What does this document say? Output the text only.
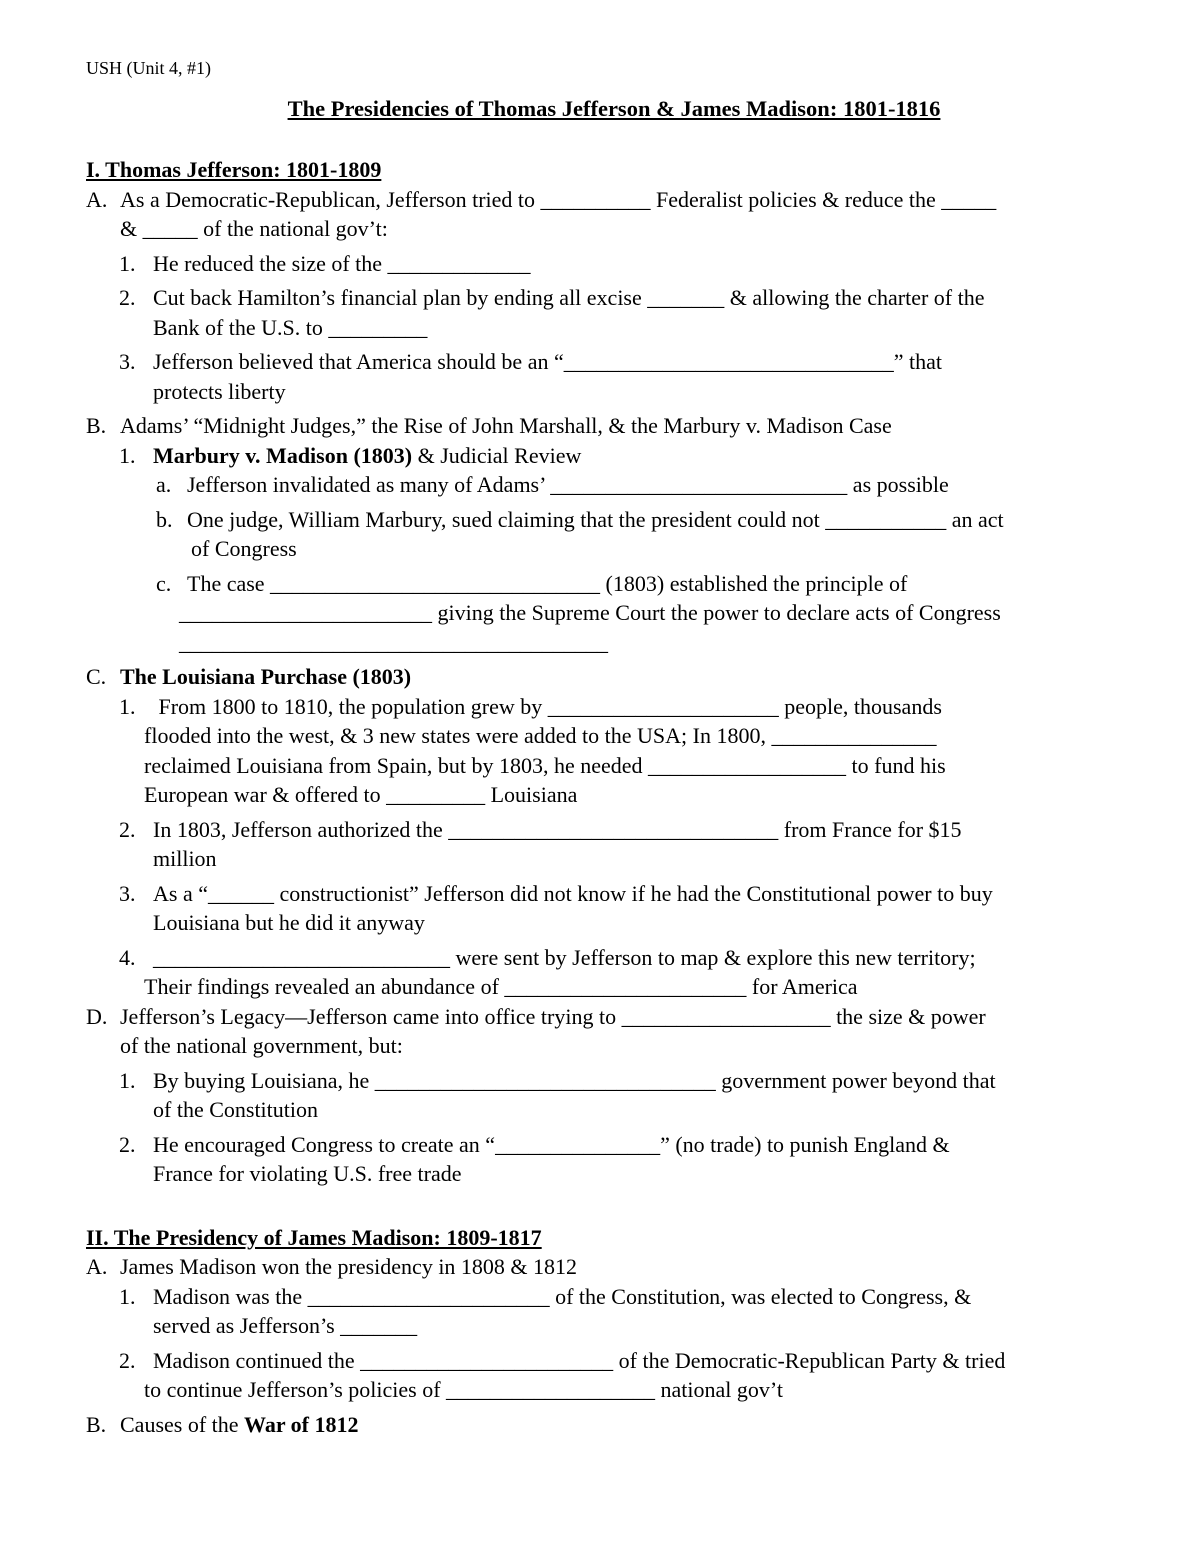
USH (Unit 4, #1)
The Presidencies of Thomas Jefferson & James Madison: 1801-1816
I. Thomas Jefferson: 1801-1809
A. As a Democratic-Republican, Jefferson tried to __________ Federalist policies & reduce the _____
& _____ of the national gov’t:
1. He reduced the size of the _____________
2. Cut back Hamilton’s financial plan by ending all excise _______ & allowing the charter of the
Bank of the U.S. to _________
3. Jefferson believed that America should be an “______________________________” that
protects liberty
B. Adams’ “Midnight Judges,” the Rise of John Marshall, & the Marbury v. Madison Case
1. Marbury v. Madison (1803) & Judicial Review
a. Jefferson invalidated as many of Adams’ ___________________________ as possible
b. One judge, William Marbury, sued claiming that the president could not ___________ an act
of Congress
c. The case ______________________________ (1803) established the principle of
_______________________ giving the Supreme Court the power to declare acts of Congress
_______________________________________
C. The Louisiana Purchase (1803)
1. From 1800 to 1810, the population grew by _____________________ people, thousands
flooded into the west, & 3 new states were added to the USA; In 1800, _______________
reclaimed Louisiana from Spain, but by 1803, he needed __________________ to fund his
European war & offered to _________ Louisiana
2. In 1803, Jefferson authorized the ______________________________ from France for $15
million
3. As a “______ constructionist” Jefferson did not know if he had the Constitutional power to buy
Louisiana but he did it anyway
4. ___________________________ were sent by Jefferson to map & explore this new territory;
Their findings revealed an abundance of ______________________ for America
D. Jefferson’s Legacy—Jefferson came into office trying to ___________________ the size & power
of the national government, but:
1. By buying Louisiana, he _______________________________ government power beyond that
of the Constitution
2. He encouraged Congress to create an “_______________” (no trade) to punish England &
France for violating U.S. free trade
II. The Presidency of James Madison: 1809-1817
A. James Madison won the presidency in 1808 & 1812
1. Madison was the ______________________ of the Constitution, was elected to Congress, &
served as Jefferson’s _______
2. Madison continued the _______________________ of the Democratic-Republican Party & tried
to continue Jefferson’s policies of ___________________ national gov’t
B. Causes of the War of 1812
